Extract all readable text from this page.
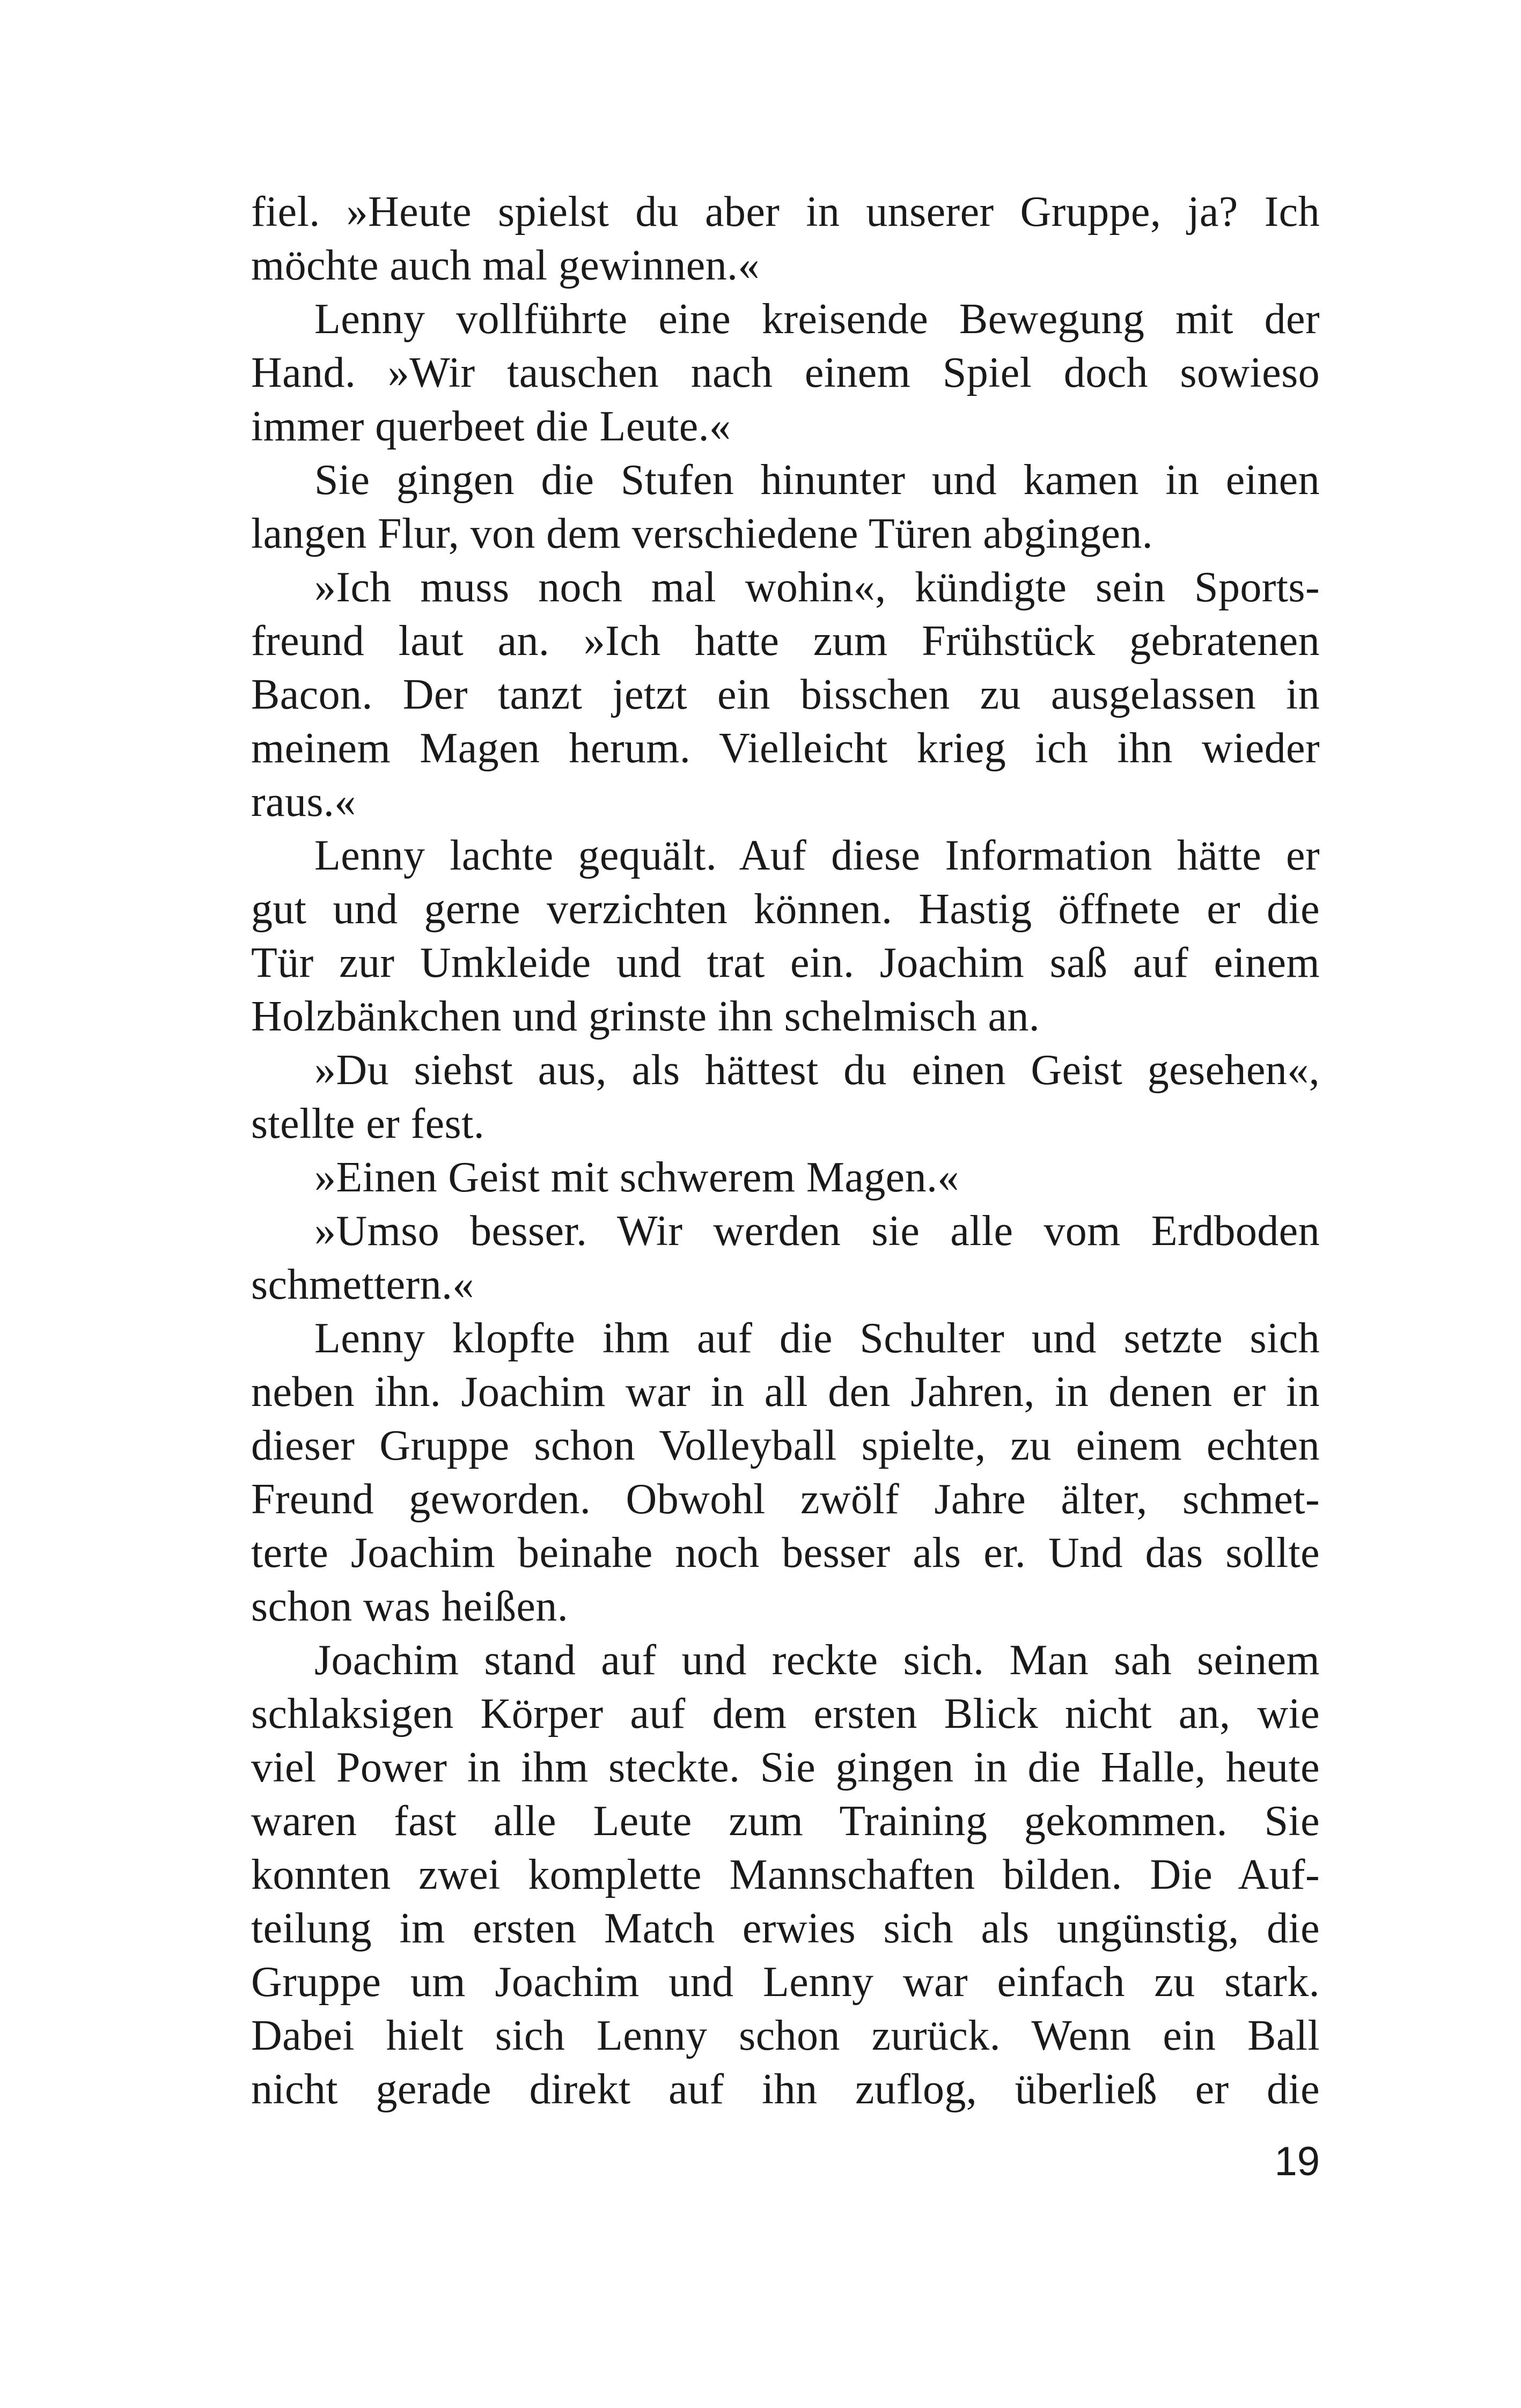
fiel. »Heute spielst du aber in unserer Gruppe, ja? Ich
möchte auch mal gewinnen.«
Lenny vollführte eine kreisende Bewegung mit der
Hand. »Wir tauschen nach einem Spiel doch sowieso
immer querbeet die Leute.«
Sie gingen die Stufen hinunter und kamen in einen
langen Flur, von dem verschiedene Türen abgingen.
»Ich muss noch mal wohin«, kündigte sein Sports-
freund laut an. »Ich hatte zum Frühstück gebratenen
Bacon. Der tanzt jetzt ein bisschen zu ausgelassen in
meinem Magen herum. Vielleicht krieg ich ihn wieder
raus.«
Lenny lachte gequält. Auf diese Information hätte er
gut und gerne verzichten können. Hastig öffnete er die
Tür zur Umkleide und trat ein. Joachim saß auf einem
Holzbänkchen und grinste ihn schelmisch an.
»Du siehst aus, als hättest du einen Geist gesehen«,
stellte er fest.
»Einen Geist mit schwerem Magen.«
»Umso besser. Wir werden sie alle vom Erdboden
schmettern.«
Lenny klopfte ihm auf die Schulter und setzte sich
neben ihn. Joachim war in all den Jahren, in denen er in
dieser Gruppe schon Volleyball spielte, zu einem echten
Freund geworden. Obwohl zwölf Jahre älter, schmet-
terte Joachim beinahe noch besser als er. Und das sollte
schon was heißen.
Joachim stand auf und reckte sich. Man sah seinem
schlaksigen Körper auf dem ersten Blick nicht an, wie
viel Power in ihm steckte. Sie gingen in die Halle, heute
waren fast alle Leute zum Training gekommen. Sie
konnten zwei komplette Mannschaften bilden. Die Auf-
teilung im ersten Match erwies sich als ungünstig, die
Gruppe um Joachim und Lenny war einfach zu stark.
Dabei hielt sich Lenny schon zurück. Wenn ein Ball
nicht gerade direkt auf ihn zuflog, überließ er die
19
